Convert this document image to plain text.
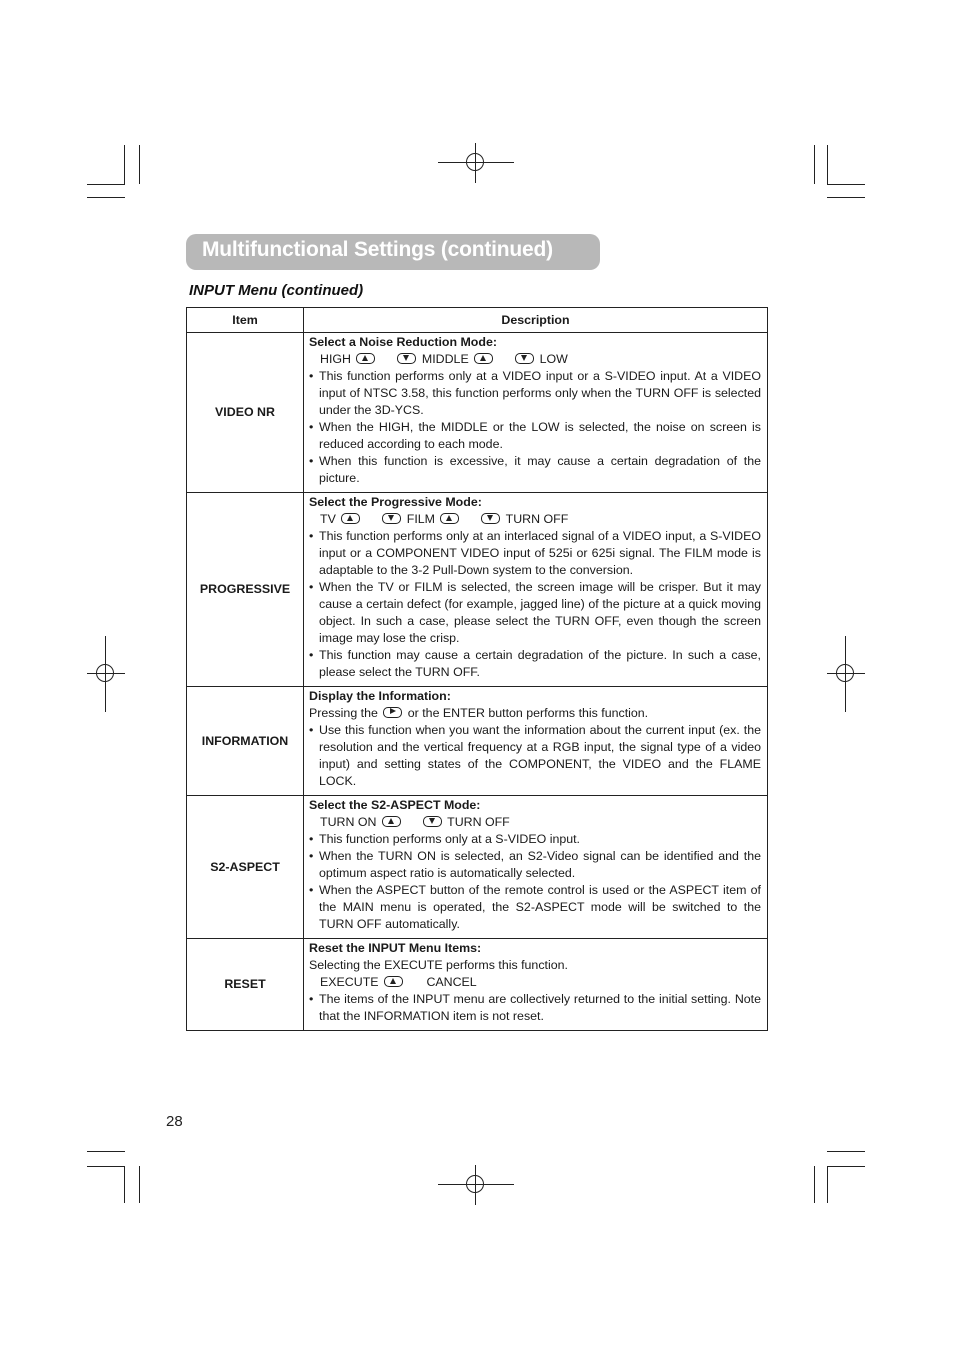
Multifunctional Settings (continued)
INPUT Menu (continued)
Item	Description
VIDEO NR	Select a Noise Reduction Mode:
HIGH MIDDLE LOW
• This function performs only at a VIDEO input or a S-VIDEO input. At a VIDEO input of NTSC 3.58, this function performs only when the TURN OFF is selected under the 3D-YCS.
• When the HIGH, the MIDDLE or the LOW is selected, the noise on screen is reduced according to each mode.
• When this function is excessive, it may cause a certain degradation of the picture.

PROGRESSIVE	Select the Progressive Mode:
TV FILM TURN OFF
• This function performs only at an interlaced signal of a VIDEO input, a S-VIDEO input or a COMPONENT VIDEO input of 525i or 625i signal. The FILM mode is adaptable to the 3-2 Pull-Down system to the conversion.
• When the TV or FILM is selected, the screen image will be crisper. But it may cause a certain defect (for example, jagged line) of the picture at a quick moving object. In such a case, please select the TURN OFF, even though the screen image may lose the crisp.
• This function may cause a certain degradation of the picture. In such a case, please select the TURN OFF.

INFORMATION	Display the Information:
Pressing the or the ENTER button performs this function.
• Use this function when you want the information about the current input (ex. the resolution and the vertical frequency at a RGB input, the signal type of a video input) and setting states of the COMPONENT, the VIDEO and the FLAME LOCK.

S2-ASPECT	Select the S2-ASPECT Mode:
TURN ON TURN OFF
• This function performs only at a S-VIDEO input.
• When the TURN ON is selected, an S2-Video signal can be identified and the optimum aspect ratio is automatically selected.
• When the ASPECT button of the remote control is used or the ASPECT item of the MAIN menu is operated, the S2-ASPECT mode will be switched to the TURN OFF automatically.

RESET	Reset the INPUT Menu Items:
Selecting the EXECUTE performs this function.
EXECUTE CANCEL
• The items of the INPUT menu are collectively returned to the initial setting. Note that the INFORMATION item is not reset.
28
